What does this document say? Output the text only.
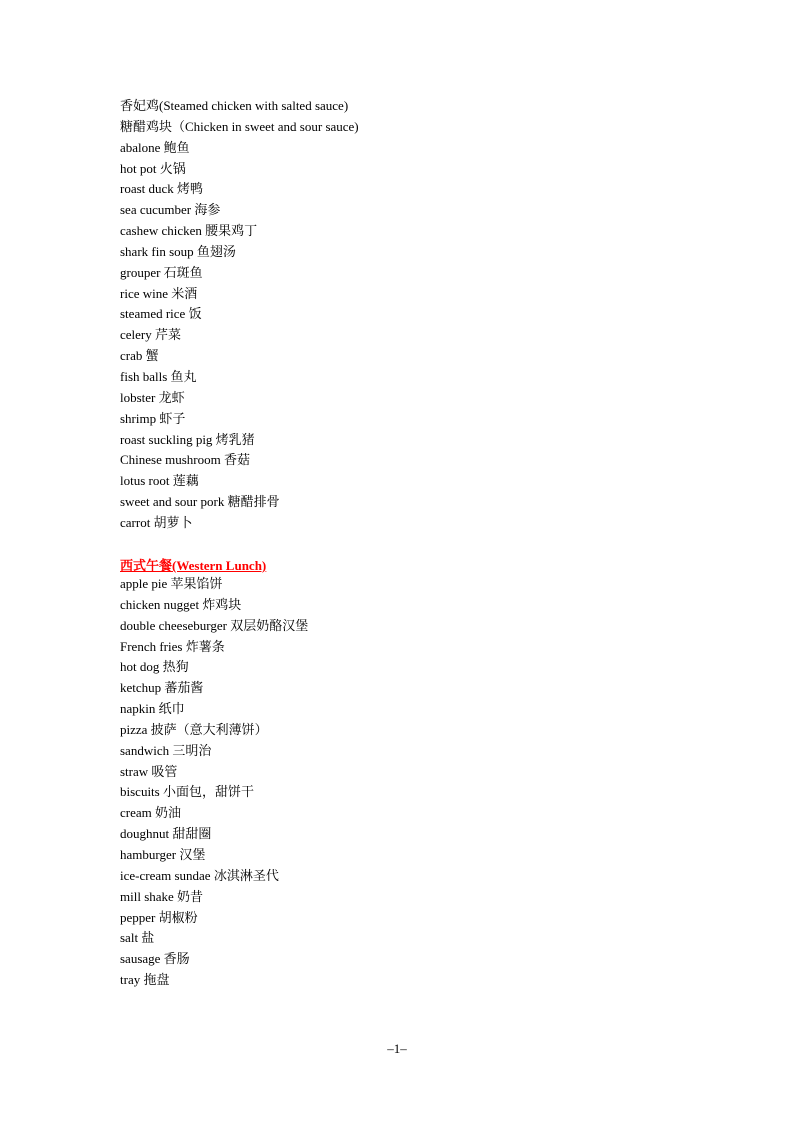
香妃鸡(Steamed chicken with salted sauce)
糖醋鸡块（Chicken in sweet and sour sauce)
abalone 鲍鱼
hot pot 火锅
roast duck 烤鸭
sea cucumber 海参
cashew chicken 腰果鸡丁
shark fin soup 鱼翅汤
grouper 石斑鱼
rice wine 米酒
steamed rice 饭
celery 芹菜
crab 蟹
fish balls 鱼丸
lobster 龙虾
shrimp 虾子
roast suckling pig 烤乳猪
Chinese mushroom 香菇
lotus root 莲藕
sweet and sour pork 糖醋排骨
carrot 胡萝卜
西式午餐(Western Lunch)
apple pie 苹果馅饼
chicken nugget 炸鸡块
double cheeseburger 双层奶酪汉堡
French fries 炸薯条
hot dog 热狗
ketchup 蕃茄酱
napkin 纸巾
pizza 披萨（意大利薄饼）
sandwich 三明治
straw 吸管
biscuits 小面包，甜饼干
cream 奶油
doughnut 甜甜圈
hamburger 汉堡
ice-cream sundae 冰淇淋圣代
mill shake 奶昔
pepper 胡椒粉
salt 盐
sausage 香肠
tray 拖盘
–1–
